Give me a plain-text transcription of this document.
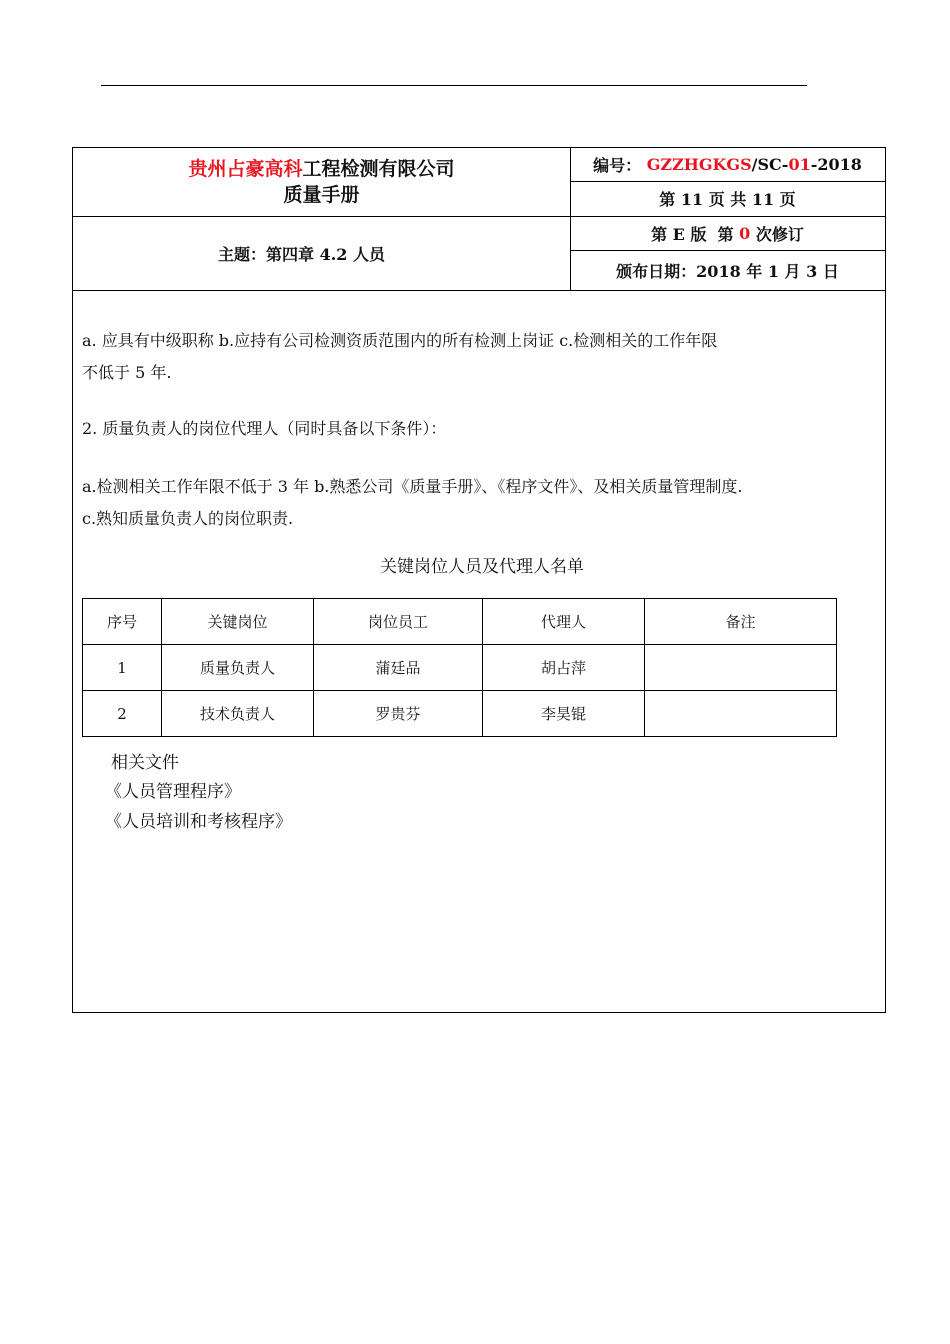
贵州占豪高科工程检测有限公司
质量手册
编号：
GZZHGKGS /SC- 01 -2018
第 11 页 共 11 页
主题：第四章 4.2 人员
第 E 版  第 0 次修订
颁布日期：2018 年 1 月 3 日
a. 应具有中级职称 b.应持有公司检测资质范围内的所有检测上岗证 c.检测相关的工作年限
不低于 5 年.
2. 质量负责人的岗位代理人（同时具备以下条件）：
a.检测相关工作年限不低于 3 年 b.熟悉公司《质量手册》、《程序文件》、及相关质量管理制度.
c.熟知质量负责人的岗位职责.
关键岗位人员及代理人名单
序号	关键岗位	岗位员工	代理人	备注
1	质量负责人	蒲廷品	胡占萍	
2	技术负责人	罗贵芬	李昊锟	
相关文件
《人员管理程序》
《人员培训和考核程序》
